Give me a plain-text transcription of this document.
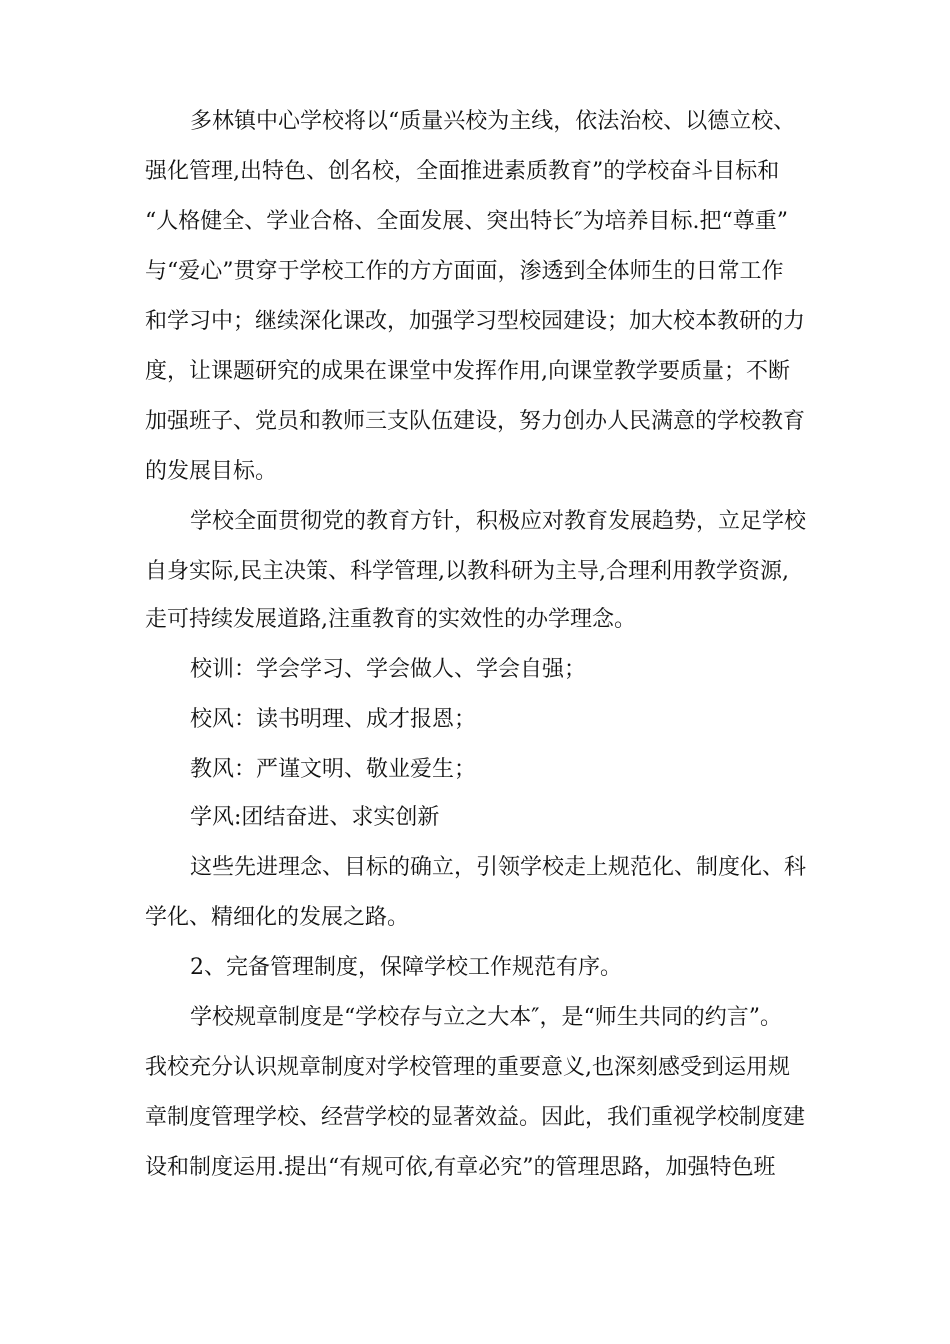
多林镇中心学校将以“质量兴校为主线，依法治校、以德立校、
强化管理,出特色、创名校，全面推进素质教育”的学校奋斗目标和
“人格健全、学业合格、全面发展、突出特长″为培养目标.把“尊重”
与“爱心”贯穿于学校工作的方方面面，渗透到全体师生的日常工作
和学习中；继续深化课改，加强学习型校园建设；加大校本教研的力
度，让课题研究的成果在课堂中发挥作用,向课堂教学要质量；不断
加强班子、党员和教师三支队伍建设，努力创办人民满意的学校教育
的发展目标。
学校全面贯彻党的教育方针，积极应对教育发展趋势，立足学校
自身实际,民主决策、科学管理,以教科研为主导,合理利用教学资源,
走可持续发展道路,注重教育的实效性的办学理念。
校训：学会学习、学会做人、学会自强；
校风：读书明理、成才报恩；
教风：严谨文明、敬业爱生；
学风:团结奋进、求实创新
这些先进理念、目标的确立，引领学校走上规范化、制度化、科
学化、精细化的发展之路。
2、完备管理制度，保障学校工作规范有序。
学校规章制度是“学校存与立之大本″，是“师生共同的约言”。
我校充分认识规章制度对学校管理的重要意义,也深刻感受到运用规
章制度管理学校、经营学校的显著效益。因此，我们重视学校制度建
设和制度运用.提出“有规可依,有章必究”的管理思路，加强特色班
